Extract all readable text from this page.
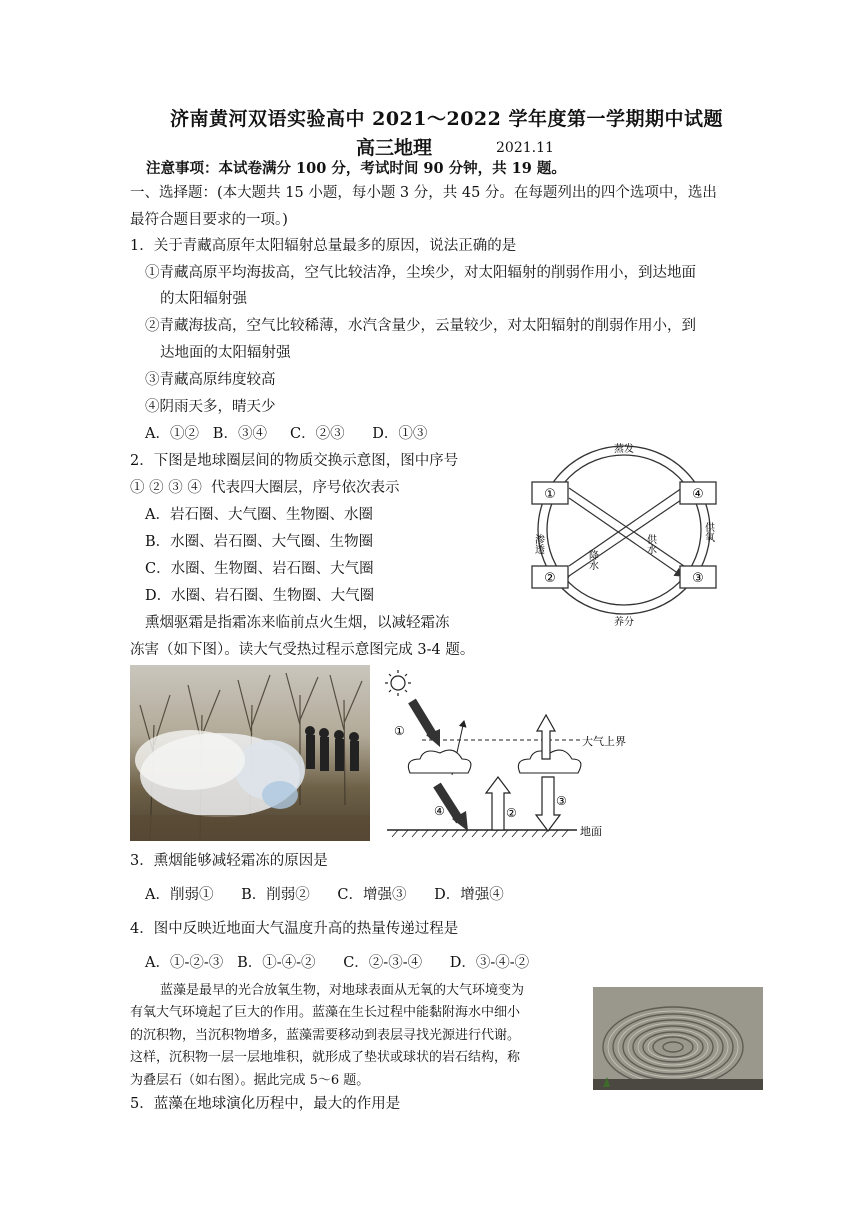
济南黄河双语实验高中 2021～2022 学年度第一学期期中试题
高三地理	2021.11
注意事项：本试卷满分 100 分，考试时间 90 分钟，共 19 题。
一、选择题：(本大题共 15 小题，每小题 3 分，共 45 分。在每题列出的四个选项中，选出
最符合题目要求的一项。)
1．关于青藏高原年太阳辐射总量最多的原因，说法正确的是
①青藏高原平均海拔高，空气比较洁净，尘埃少，对太阳辐射的削弱作用小，到达地面
的太阳辐射强
②青藏海拔高，空气比较稀薄，水汽含量少，云量较少，对太阳辐射的削弱作用小，到
达地面的太阳辐射强
③青藏高原纬度较高
④阴雨天多，晴天少
A．①②   B．③④     C．②③      D．①③
2．下图是地球圈层间的物质交换示意图，图中序号
① ② ③ ④  代表四大圈层，序号依次表示
A．岩石圈、大气圈、生物圈、水圈
B．水圈、岩石圈、大气圈、生物圈
C．水圈、生物圈、岩石圈、大气圈
D．水圈、岩石圈、生物圈、大气圈
①	④
②	③
蒸发
养分
渗透
供氧
降水
供水
熏烟驱霜是指霜冻来临前点火生烟，以减轻霜冻
冻害（如下图）。读大气受热过程示意图完成 3-4 题。
大气上界
地面
①
④	②
③
3．熏烟能够减轻霜冻的原因是
A．削弱①      B．削弱②      C．增强③      D．增强④
4．图中反映近地面大气温度升高的热量传递过程是
A．①-②-③   B．①-④-②      C．②-③-④      D．③-④-②
蓝藻是最早的光合放氧生物，对地球表面从无氧的大气环境变为
有氧大气环境起了巨大的作用。蓝藻在生长过程中能黏附海水中细小
的沉积物，当沉积物增多，蓝藻需要移动到表层寻找光源进行代谢。
这样，沉积物一层一层地堆积，就形成了垫状或球状的岩石结构，称
为叠层石（如右图）。据此完成 5～6 题。
5．蓝藻在地球演化历程中，最大的作用是
